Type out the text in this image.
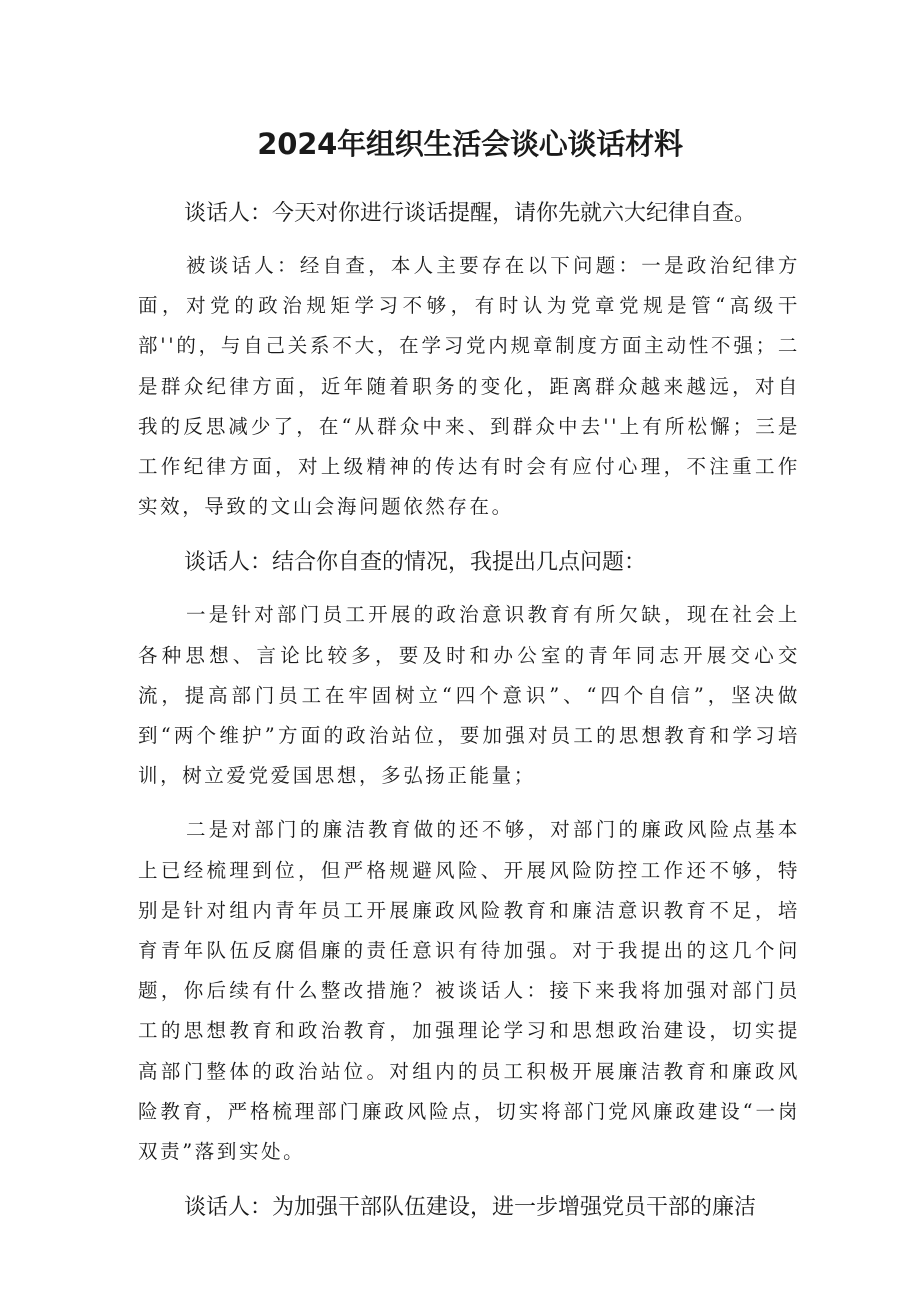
2024年组织生活会谈心谈话材料

谈话人：今天对你进行谈话提醒，请你先就六大纪律自查。

被谈话人：经自查，本人主要存在以下问题：一是政治纪律方面，对党的政治规矩学习不够，有时认为党章党规是管“高级干部''的，与自己关系不大，在学习党内规章制度方面主动性不强；二是群众纪律方面，近年随着职务的变化，距离群众越来越远，对自我的反思减少了，在“从群众中来、到群众中去''上有所松懈；三是工作纪律方面，对上级精神的传达有时会有应付心理，不注重工作实效，导致的文山会海问题依然存在。

谈话人：结合你自查的情况，我提出几点问题：

一是针对部门员工开展的政治意识教育有所欠缺，现在社会上各种思想、言论比较多，要及时和办公室的青年同志开展交心交流，提高部门员工在牢固树立“四个意识”、“四个自信”，坚决做到“两个维护”方面的政治站位，要加强对员工的思想教育和学习培训，树立爱党爱国思想，多弘扬正能量；

二是对部门的廉洁教育做的还不够，对部门的廉政风险点基本上已经梳理到位，但严格规避风险、开展风险防控工作还不够，特别是针对组内青年员工开展廉政风险教育和廉洁意识教育不足，培育青年队伍反腐倡廉的责任意识有待加强。对于我提出的这几个问题，你后续有什么整改措施？被谈话人：接下来我将加强对部门员工的思想教育和政治教育，加强理论学习和思想政治建设，切实提高部门整体的政治站位。对组内的员工积极开展廉洁教育和廉政风险教育，严格梳理部门廉政风险点，切实将部门党风廉政建设“一岗双责”落到实处。

谈话人：为加强干部队伍建设，进一步增强党员干部的廉洁
